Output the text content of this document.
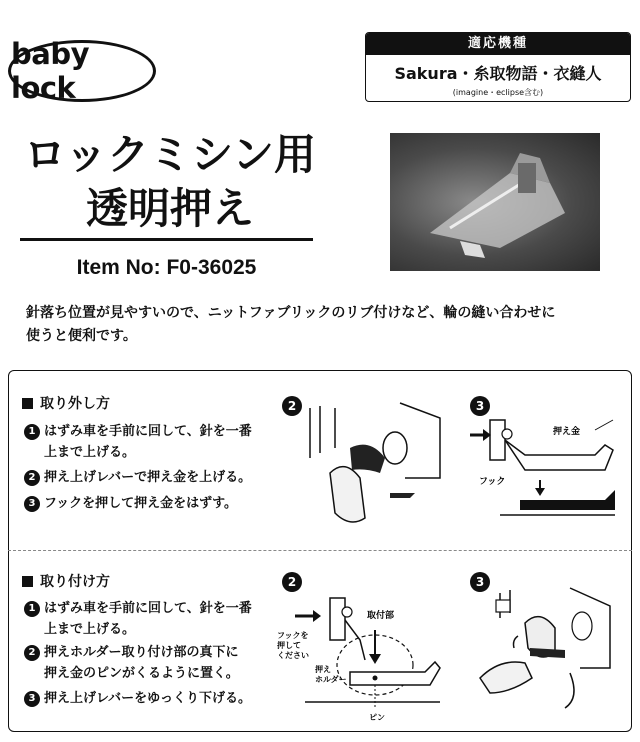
baby lock
適応機種
Sakura・糸取物語・衣縫人
(imagine・eclipse含む)
ロックミシン用
透明押え
Item No: F0-36025
針落ち位置が見やすいので、ニットファブリックのリブ付けなど、輪の縫い合わせに
使うと便利です。
取り外し方
1 はずみ車を手前に回して、針を一番
上まで上げる。
2 押え上げレバーで押え金を上げる。
3 フックを押して押え金をはずす。
2	3
押え金
フック
取り付け方
1 はずみ車を手前に回して、針を一番
上まで上げる。
2 押えホルダー取り付け部の真下に
押え金のピンがくるように置く。
3 押え上げレバーをゆっくり下げる。
2
取付部
フックを
押して
ください
押え
ホルダー
ピン
3
